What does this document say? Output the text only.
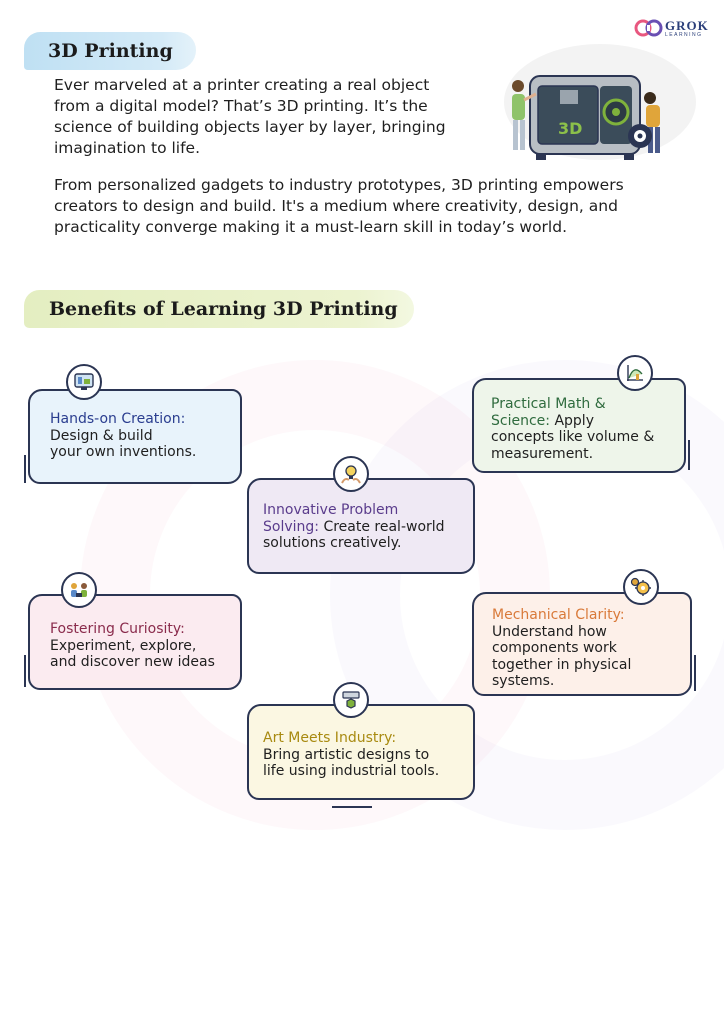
GROK
LEARNING
3D Printing
Ever marveled at a printer creating a real object
from a digital model? That’s 3D printing. It’s the
science of building objects layer by layer, bringing
imagination to life.
From personalized gadgets to industry prototypes, 3D printing empowers
creators to design and build. It's a medium where creativity, design, and
practicality converge making it a must-learn skill in today’s world.
3D
Benefits of Learning 3D Printing
Hands-on Creation:
Design & build
your own inventions.
Practical Math &
Science: Apply
concepts like volume &
measurement.
Innovative Problem
Solving: Create real-world
solutions creatively.
Fostering Curiosity:
Experiment, explore,
and discover new ideas
Mechanical Clarity:
Understand how
components work
together in physical
systems.
Art Meets Industry:
Bring artistic designs to
life using industrial tools.
